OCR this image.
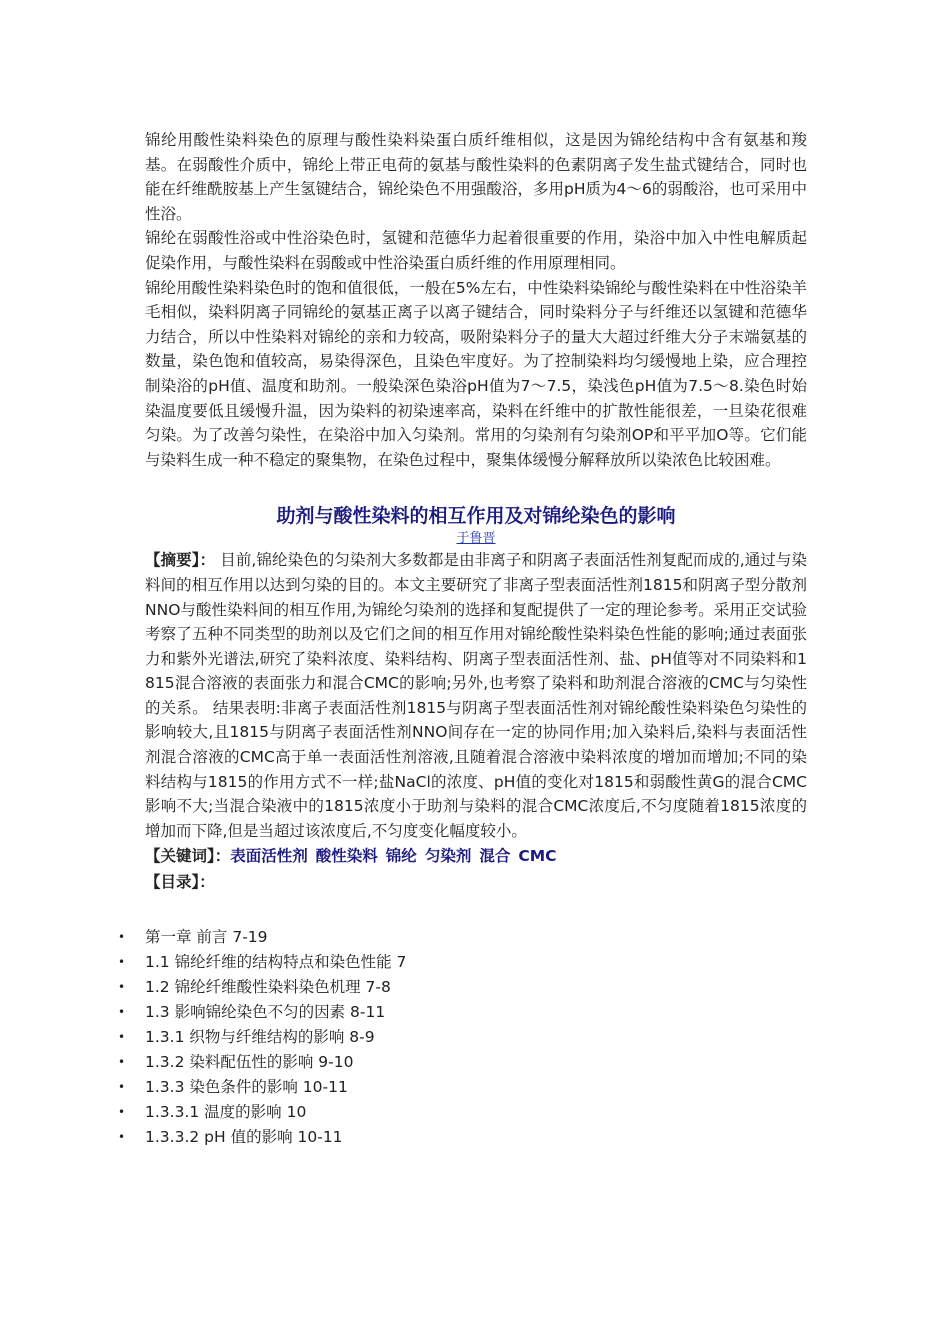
锦纶用酸性染料染色的原理与酸性染料染蛋白质纤维相似，这是因为锦纶结构中含有氨基和羧基。在弱酸性介质中，锦纶上带正电荷的氨基与酸性染料的色素阴离子发生盐式键结合，同时也能在纤维酰胺基上产生氢键结合，锦纶染色不用强酸浴，多用pH质为4～6的弱酸浴，也可采用中性浴。

锦纶在弱酸性浴或中性浴染色时，氢键和范德华力起着很重要的作用，染浴中加入中性电解质起促染作用，与酸性染料在弱酸或中性浴染蛋白质纤维的作用原理相同。

锦纶用酸性染料染色时的饱和值很低，一般在5%左右，中性染料染锦纶与酸性染料在中性浴染羊毛相似，染料阴离子同锦纶的氨基正离子以离子键结合，同时染料分子与纤维还以氢键和范德华力结合，所以中性染料对锦纶的亲和力较高，吸附染料分子的量大大超过纤维大分子末端氨基的数量，染色饱和值较高，易染得深色，且染色牢度好。为了控制染料均匀缓慢地上染，应合理控制染浴的pH值、温度和助剂。一般染深色染浴pH值为7～7.5，染浅色pH值为7.5～8.染色时始染温度要低且缓慢升温，因为染料的初染速率高，染料在纤维中的扩散性能很差，一旦染花很难匀染。为了改善匀染性，在染浴中加入匀染剂。常用的匀染剂有匀染剂OP和平平加O等。它们能与染料生成一种不稳定的聚集物，在染色过程中，聚集体缓慢分解释放所以染浓色比较困难。

助剂与酸性染料的相互作用及对锦纶染色的影响

于鲁晋

【摘要】： 目前,锦纶染色的匀染剂大多数都是由非离子和阴离子表面活性剂复配而成的,通过与染料间的相互作用以达到匀染的目的。本文主要研究了非离子型表面活性剂1815和阴离子型分散剂NNO与酸性染料间的相互作用,为锦纶匀染剂的选择和复配提供了一定的理论参考。采用正交试验考察了五种不同类型的助剂以及它们之间的相互作用对锦纶酸性染料染色性能的影响;通过表面张力和紫外光谱法,研究了染料浓度、染料结构、阴离子型表面活性剂、盐、pH值等对不同染料和1815混合溶液的表面张力和混合CMC的影响;另外,也考察了染料和助剂混合溶液的CMC与匀染性的关系。 结果表明:非离子表面活性剂1815与阴离子型表面活性剂对锦纶酸性染料染色匀染性的影响较大,且1815与阴离子表面活性剂NNO间存在一定的协同作用;加入染料后,染料与表面活性剂混合溶液的CMC高于单一表面活性剂溶液,且随着混合溶液中染料浓度的增加而增加;不同的染料结构与1815的作用方式不一样;盐NaCl的浓度、pH值的变化对1815和弱酸性黄G的混合CMC影响不大;当混合染液中的1815浓度小于助剂与染料的混合CMC浓度后,不匀度随着1815浓度的增加而下降,但是当超过该浓度后,不匀度变化幅度较小。

【关键词】：表面活性剂 酸性染料 锦纶 匀染剂 混合 CMC

【目录】：

• 第一章 前言 7-19
• 1.1 锦纶纤维的结构特点和染色性能 7
• 1.2 锦纶纤维酸性染料染色机理 7-8
• 1.3 影响锦纶染色不匀的因素 8-11
• 1.3.1 织物与纤维结构的影响 8-9
• 1.3.2 染料配伍性的影响 9-10
• 1.3.3 染色条件的影响 10-11
• 1.3.3.1 温度的影响 10
• 1.3.3.2 pH 值的影响 10-11
